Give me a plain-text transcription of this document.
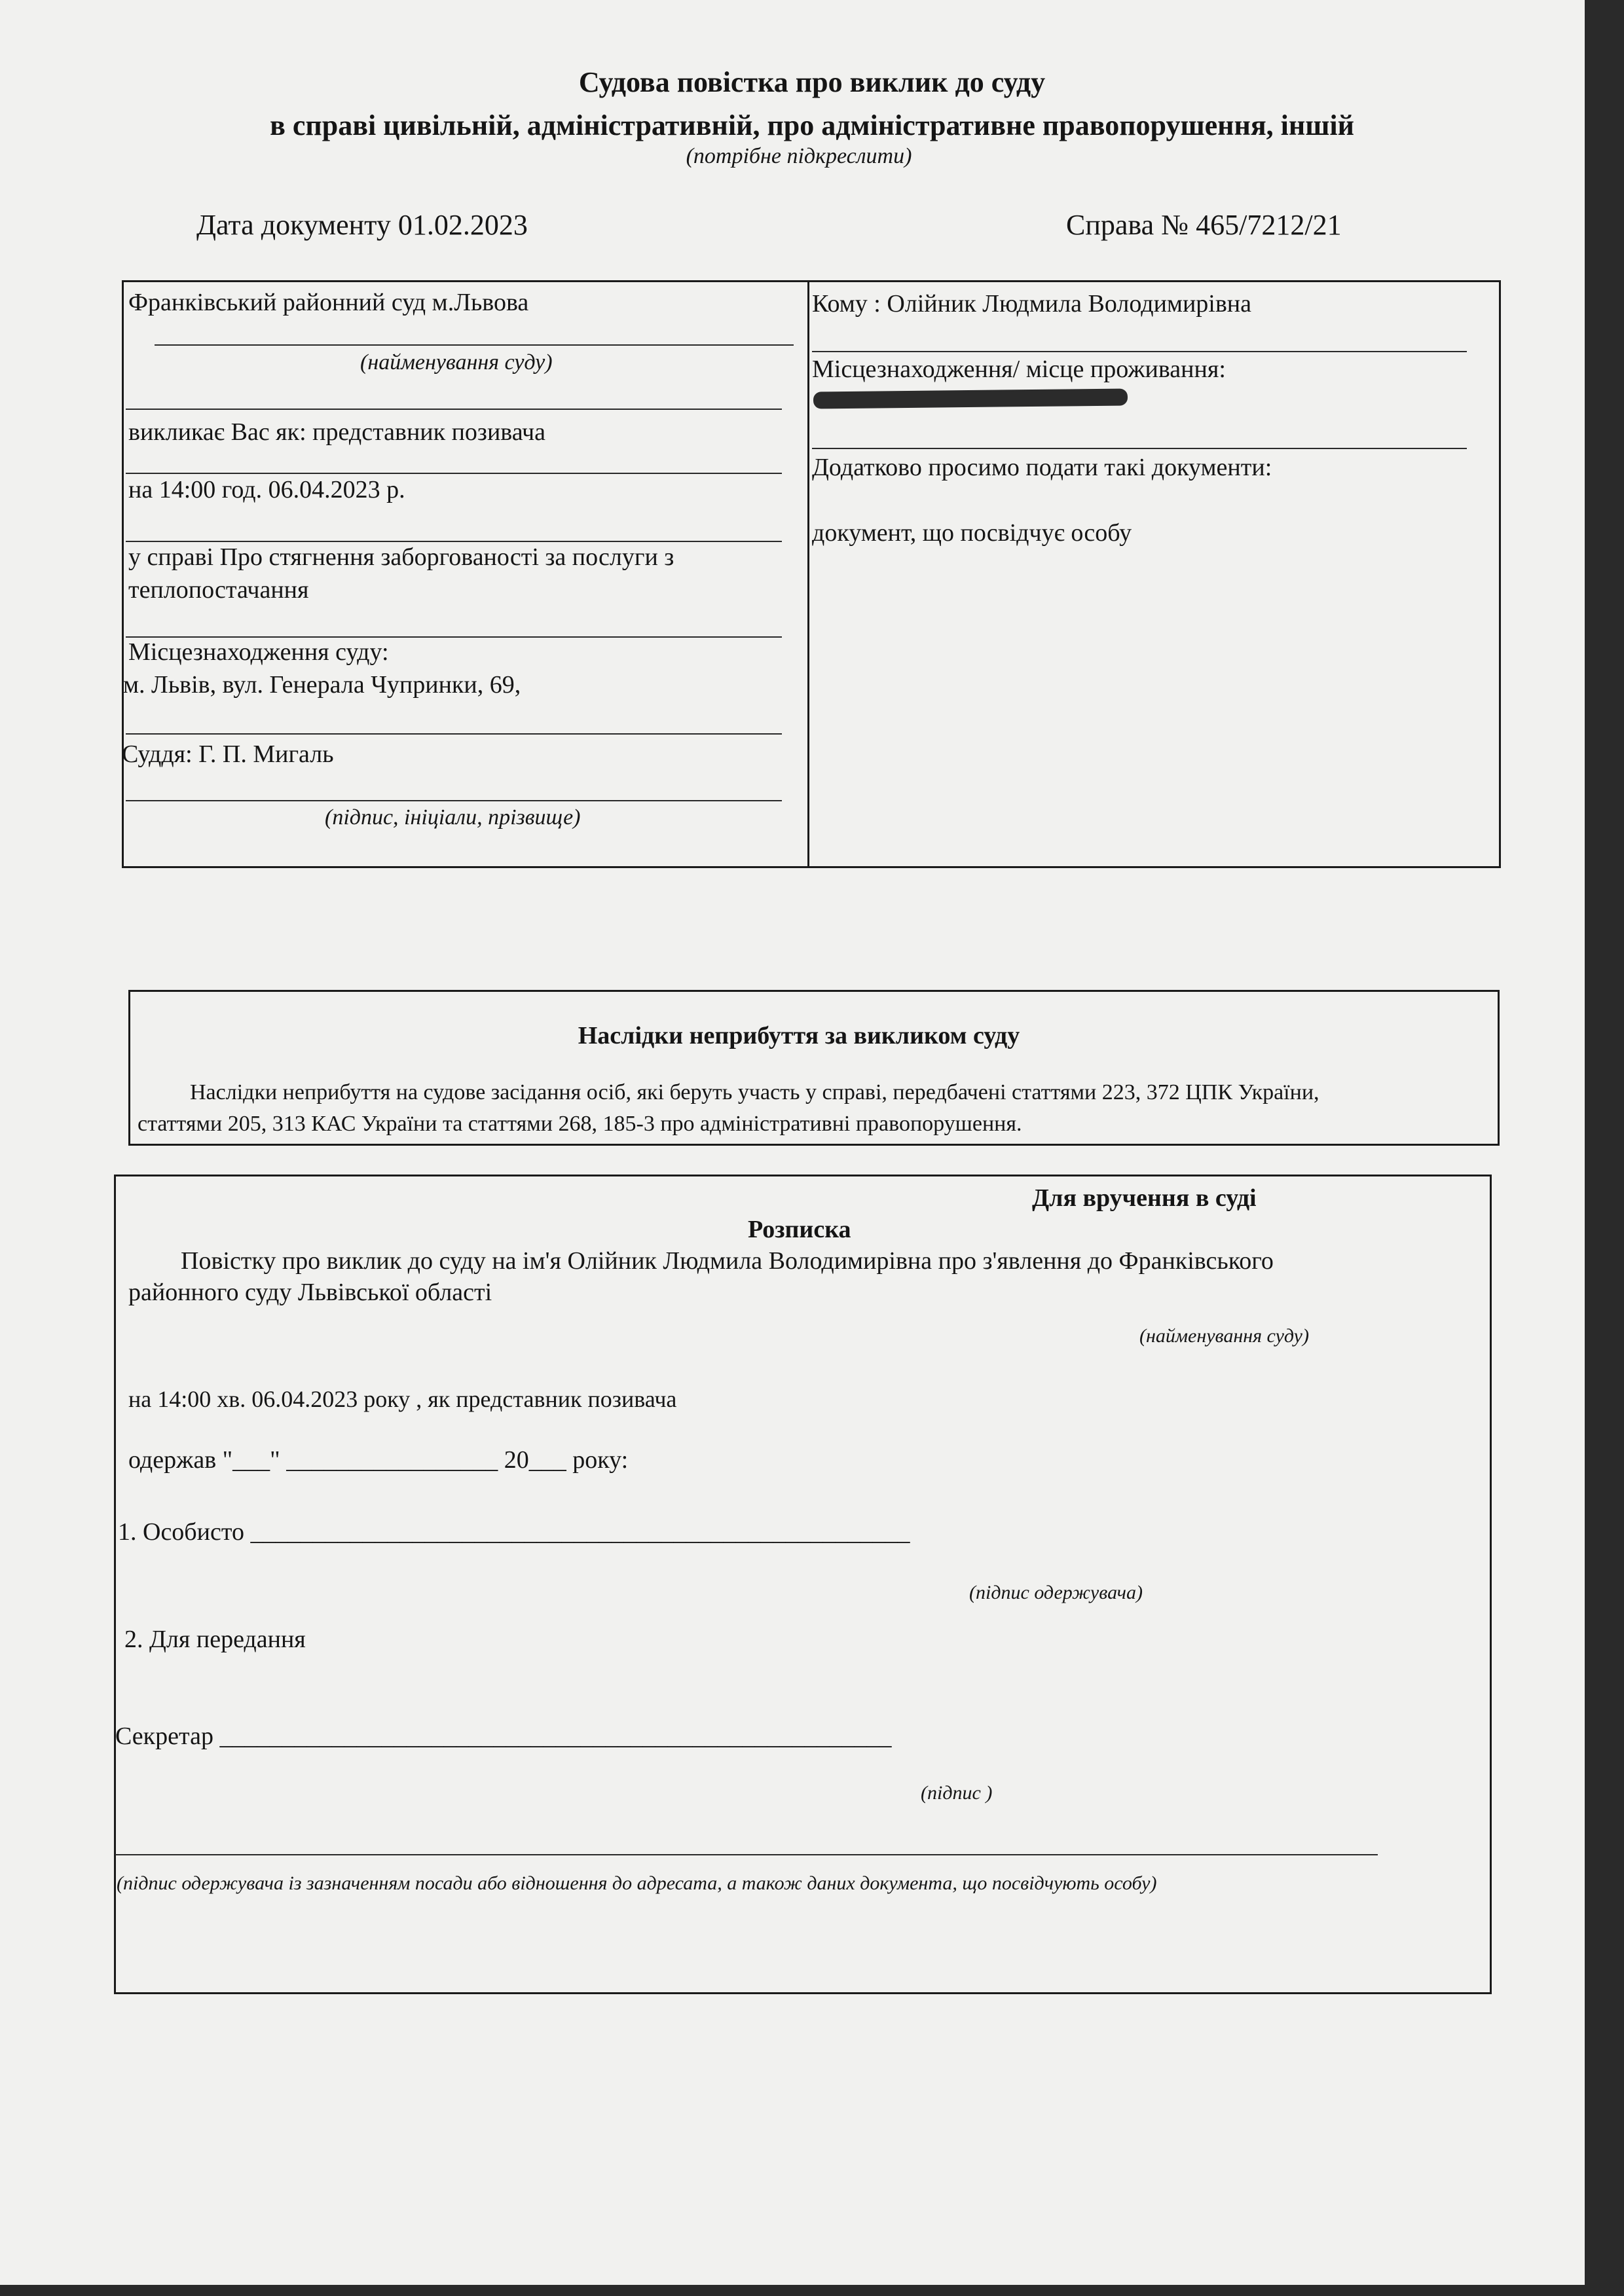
Судова повістка про виклик до суду
в справі цивільній, адміністративній, про адміністративне правопорушення, іншій
(потрібне підкреслити)
Дата документу 01.02.2023	Справа № 465/7212/21
Франківський районний суд м.Львова
(найменування суду)
викликає Вас як: представник позивача
на 14:00 год. 06.04.2023 р.
у справі Про стягнення заборгованості за послуги з теплопостачання
Місцезнаходження суду:
м. Львів, вул. Генерала Чупринки, 69,
Суддя: Г. П. Мигаль
(підпис, ініціали, прізвище)
Кому : Олійник Людмила Володимирівна
Місцезнаходження/ місце проживання:
Додатково просимо подати такі документи:
документ, що посвідчує особу
Наслідки неприбуття за викликом суду
Наслідки неприбуття на судове засідання осіб, які беруть участь у справі, передбачені статтями 223, 372 ЦПК України,
статтями 205, 313 КАС України та статтями 268, 185-3 про адміністративні правопорушення.
Для вручення в суді
Розписка
Повістку про виклик до суду на ім'я Олійник Людмила Володимирівна про з'явлення до Франківського
районного суду Львівської області
(найменування суду)
на 14:00 хв. 06.04.2023 року , як представник позивача
одержав "___" _________________ 20___ року:
1. Особисто _____________________________________________________
(підпис одержувача)
2. Для передання
Секретар ______________________________________________________
(підпис )
(підпис одержувача із зазначенням посади або відношення до адресата, а також даних документа, що посвідчують особу)
